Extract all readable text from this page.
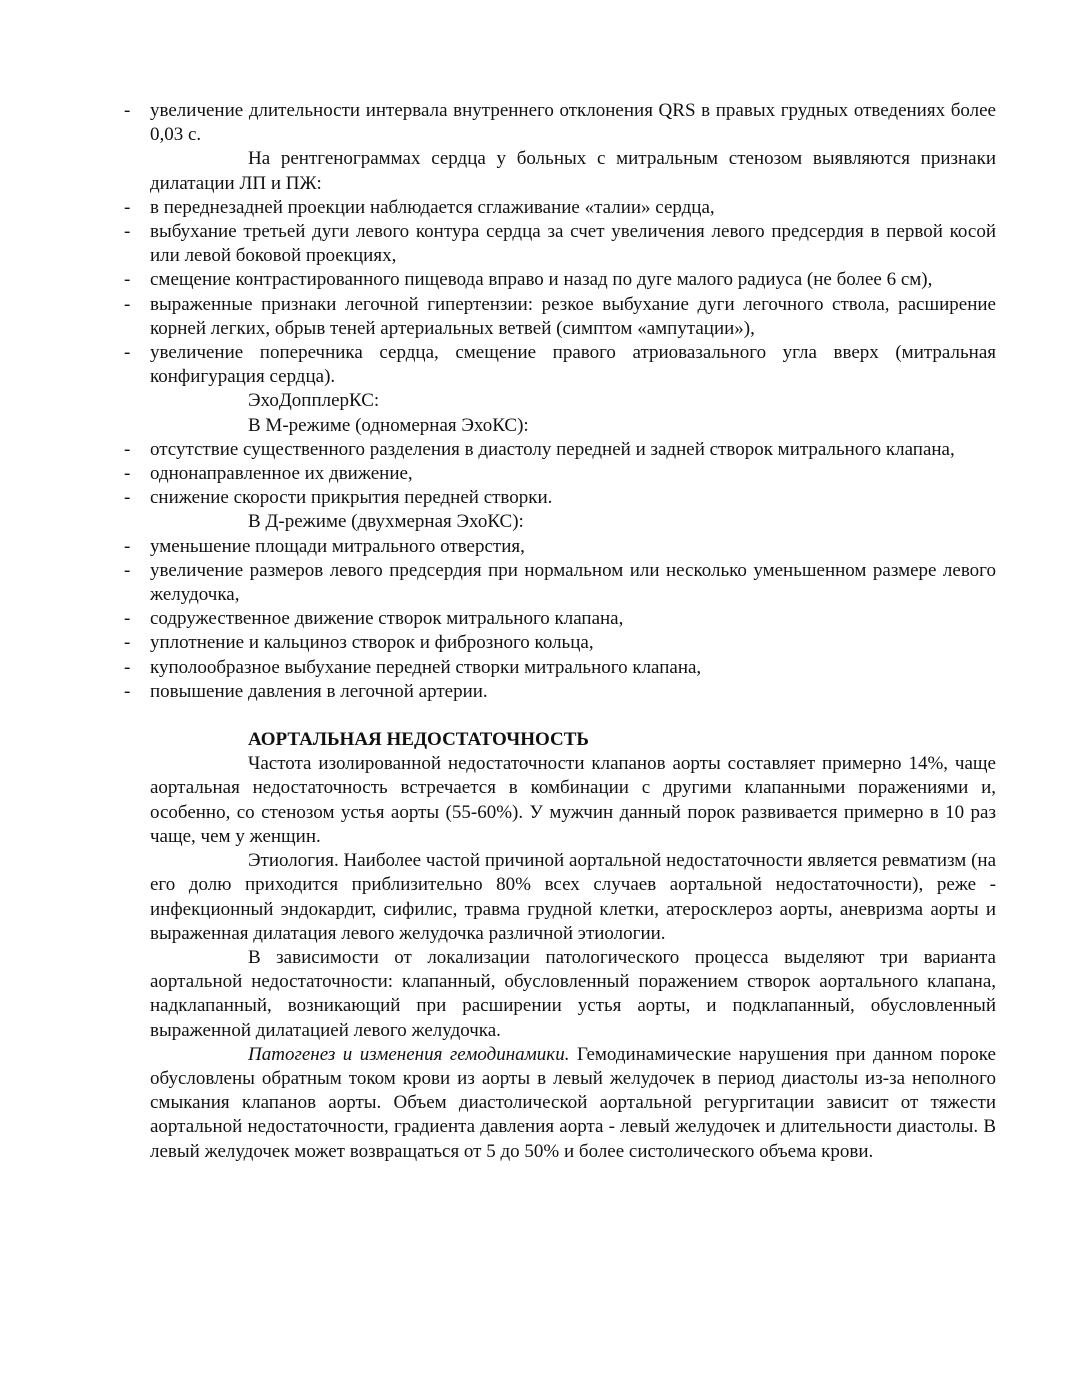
-	увеличение длительности интервала внутреннего отклонения QRS в правых грудных отведениях более 0,03 с.

На рентгенограммах сердца у больных с митральным стенозом выявляются признаки дилатации ЛП и ПЖ:

-	в переднезадней проекции наблюдается сглаживание «талии» сердца,
-	выбухание третьей дуги левого контура сердца за счет увеличения левого предсердия в первой косой или левой боковой проекциях,
-	смещение контрастированного пищевода вправо и назад по дуге малого радиуса (не более 6 см),
-	выраженные признаки легочной гипертензии: резкое выбухание дуги легочного ствола, расширение корней легких, обрыв теней артериальных ветвей (симптом «ампутации»),
-	увеличение поперечника сердца, смещение правого атриовазального угла вверх (митральная конфигурация сердца).

ЭхоДопплерКС:

В М-режиме (одномерная ЭхоКС):

-	отсутствие существенного разделения в диастолу передней и задней створок митрального клапана,
-	однонаправленное их движение,
-	снижение скорости прикрытия передней створки.

В Д-режиме (двухмерная ЭхоКС):

-	уменьшение площади митрального отверстия,
-	увеличение размеров левого предсердия при нормальном или несколько уменьшенном размере левого желудочка,
-	содружественное движение створок митрального клапана,
-	уплотнение и кальциноз створок и фиброзного кольца,
-	куполообразное выбухание передней створки митрального клапана,
-	повышение давления в легочной артерии.

АОРТАЛЬНАЯ НЕДОСТАТОЧНОСТЬ

Частота изолированной недостаточности клапанов аорты составляет примерно 14%, чаще аортальная недостаточность встречается в комбинации с другими клапанными поражениями и, особенно, со стенозом устья аорты (55-60%). У мужчин данный порок развивается примерно в 10 раз чаще, чем у женщин.

Этиология. Наиболее частой причиной аортальной недостаточности является ревматизм (на его долю приходится приблизительно 80% всех случаев аортальной недостаточности), реже - инфекционный эндокардит, сифилис, травма грудной клетки, атеросклероз аорты, аневризма аорты и выраженная дилатация левого желудочка различной этиологии.

В зависимости от локализации патологического процесса выделяют три варианта аортальной недостаточности: клапанный, обусловленный поражением створок аортального клапана, надклапанный, возникающий при расширении устья аорты, и подклапанный, обусловленный выраженной дилатацией левого желудочка.

Патогенез и изменения гемодинамики. Гемодинамические нарушения при данном пороке обусловлены обратным током крови из аорты в левый желудочек в период диастолы из-за неполного смыкания клапанов аорты. Объем диастолической аортальной регургитации зависит от тяжести аортальной недостаточности, градиента давления аорта - левый желудочек и длительности диастолы. В левый желудочек может возвращаться от 5 до 50% и более систолического объема крови.
